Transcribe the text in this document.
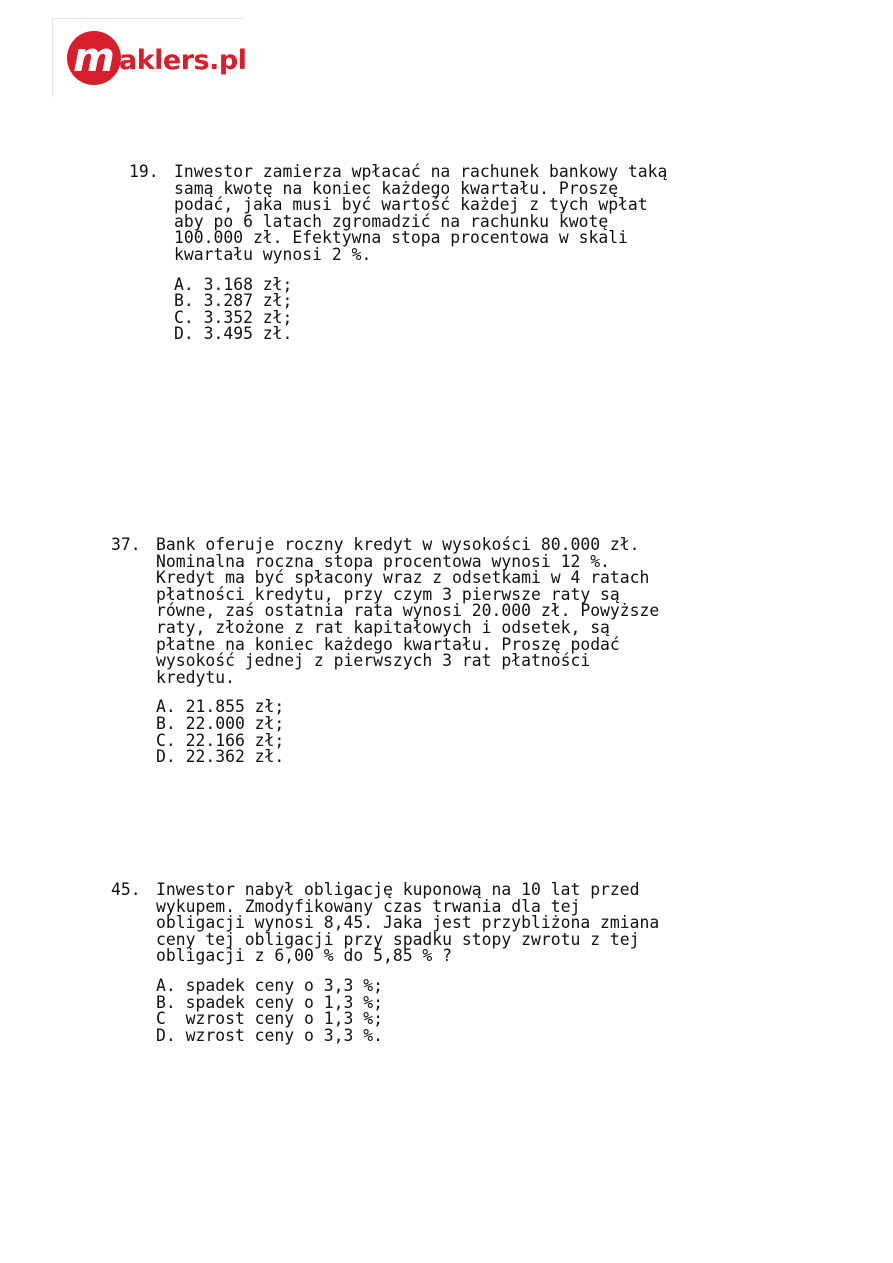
m aklers.pl
19. Inwestor zamierza wpłacać na rachunek bankowy taką
samą kwotę na koniec każdego kwartału. Proszę
podać, jaka musi być wartość każdej z tych wpłat
aby po 6 latach zgromadzić na rachunku kwotę
100.000 zł. Efektywna stopa procentowa w skali
kwartału wynosi 2 %.
A. 3.168 zł;
B. 3.287 zł;
C. 3.352 zł;
D. 3.495 zł.
37. Bank oferuje roczny kredyt w wysokości 80.000 zł.
Nominalna roczna stopa procentowa wynosi 12 %.
Kredyt ma być spłacony wraz z odsetkami w 4 ratach
płatności kredytu, przy czym 3 pierwsze raty są
równe, zaś ostatnia rata wynosi 20.000 zł. Powyższe
raty, złożone z rat kapitałowych i odsetek, są
płatne na koniec każdego kwartału. Proszę podać
wysokość jednej z pierwszych 3 rat płatności
kredytu.
A. 21.855 zł;
B. 22.000 zł;
C. 22.166 zł;
D. 22.362 zł.
45. Inwestor nabył obligację kuponową na 10 lat przed
wykupem. Zmodyfikowany czas trwania dla tej
obligacji wynosi 8,45. Jaka jest przybliżona zmiana
ceny tej obligacji przy spadku stopy zwrotu z tej
obligacji z 6,00 % do 5,85 % ?
A. spadek ceny o 3,3 %;
B. spadek ceny o 1,3 %;
C  wzrost ceny o 1,3 %;
D. wzrost ceny o 3,3 %.
